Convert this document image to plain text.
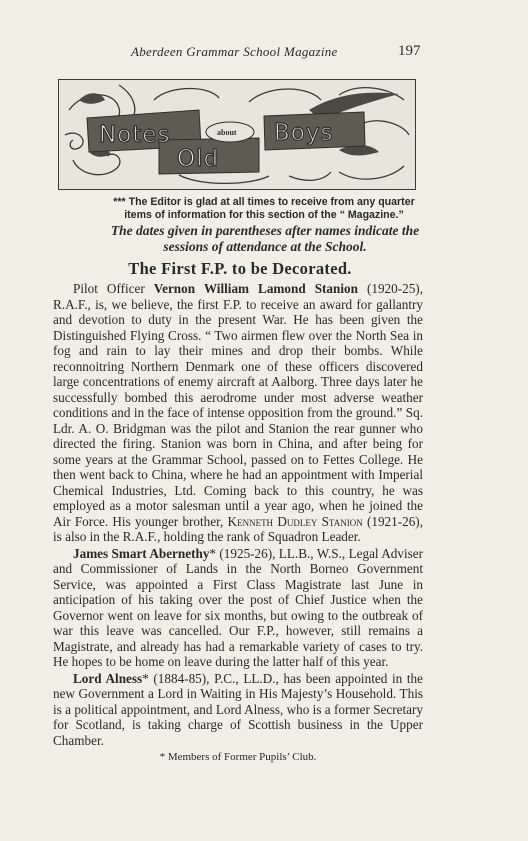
Aberdeen Grammar School Magazine	197
Notes	about Boys
Old
*** The Editor is glad at all times to receive from any quarter items of information for this section of the “ Magazine.”
The dates given in parentheses after names indicate the sessions of attendance at the School.
The First F.P. to be Decorated.

Pilot Officer Vernon William Lamond Stanion (1920-25), R.A.F., is, we believe, the first F.P. to receive an award for gallantry and devotion to duty in the present War. He has been given the Distinguished Flying Cross. “ Two airmen flew over the North Sea in fog and rain to lay their mines and drop their bombs. While reconnoitring Northern Denmark one of these officers discovered large concentrations of enemy aircraft at Aalborg. Three days later he successfully bombed this aerodrome under most adverse weather conditions and in the face of intense opposition from the ground.” Sq. Ldr. A. O. Bridgman was the pilot and Stanion the rear gunner who directed the firing. Stanion was born in China, and after being for some years at the Grammar School, passed on to Fettes College. He then went back to China, where he had an appointment with Imperial Chemical Industries, Ltd. Coming back to this country, he was employed as a motor salesman until a year ago, when he joined the Air Force. His younger brother, Kenneth Dudley Stanion (1921-26), is also in the R.A.F., holding the rank of Squadron Leader.

James Smart Abernethy* (1925-26), LL.B., W.S., Legal Adviser and Commissioner of Lands in the North Borneo Government Service, was appointed a First Class Magistrate last June in anticipation of his taking over the post of Chief Justice when the Governor went on leave for six months, but owing to the outbreak of war this leave was cancelled. Our F.P., however, still remains a Magistrate, and already has had a remarkable variety of cases to try. He hopes to be home on leave during the latter half of this year.

Lord Alness* (1884-85), P.C., LL.D., has been appointed in the new Government a Lord in Waiting in His Majesty’s Household. This is a political appointment, and Lord Alness, who is a former Secretary for Scotland, is taking charge of Scottish business in the Upper Chamber.

* Members of Former Pupils’ Club.
